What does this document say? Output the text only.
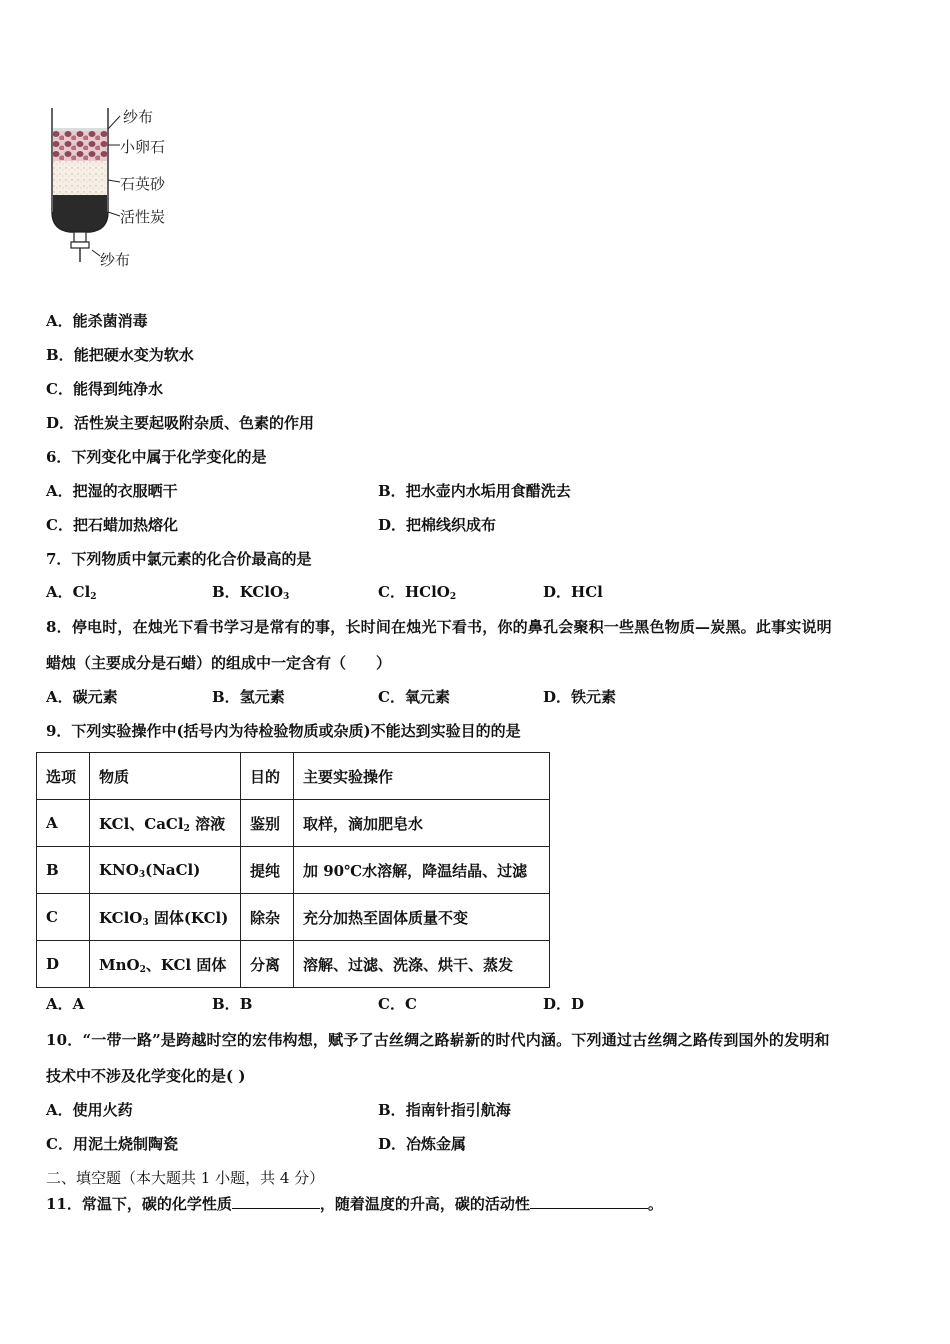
纱布
小卵石
石英砂
活性炭
纱布
A．能杀菌消毒
B．能把硬水变为软水
C．能得到纯净水
D．活性炭主要起吸附杂质、色素的作用
6．下列变化中属于化学变化的是
A．把湿的衣服晒干	B．把水壶内水垢用食醋洗去
C．把石蜡加热熔化	D．把棉线织成布
7．下列物质中氯元素的化合价最高的是
A．$Cl_2$	B．KClO$_3$	C．HClO$_2$	D．HCl
8．停电时，在烛光下看书学习是常有的事，长时间在烛光下看书，你的鼻孔会聚积一些黑色物质—炭黑。此事实说明
蜡烛（主要成分是石蜡）的组成中一定含有（　　）
A．碳元素	B．氢元素	C．氧元素	D．铁元素
9．下列实验操作中(括号内为待检验物质或杂质)不能达到实验目的的是
选项	物质	目的	主要实验操作
A	KCl、CaCl$_2$ 溶液	鉴别	取样，滴加肥皂水
B	$KNO_3(NaCl)$	提纯	加 90℃水溶解，降温结晶、过滤
C	KClO$_3$ 固体(KCl)	除杂	充分加热至固体质量不变
D	MnO$_2$、KCl 固体	分离	溶解、过滤、洗涤、烘干、蒸发
A．A	B．B	C．C	D．D
10．“一带一路”是跨越时空的宏伟构想，赋予了古丝绸之路崭新的时代内涵。下列通过古丝绸之路传到国外的发明和
技术中不涉及化学变化的是( )
A．使用火药	B．指南针指引航海
C．用泥土烧制陶瓷	D．冶炼金属
二、填空题（本大题共 1 小题，共 4 分）
11．常温下，碳的化学性质	，随着温度的升高，碳的活动性	。
